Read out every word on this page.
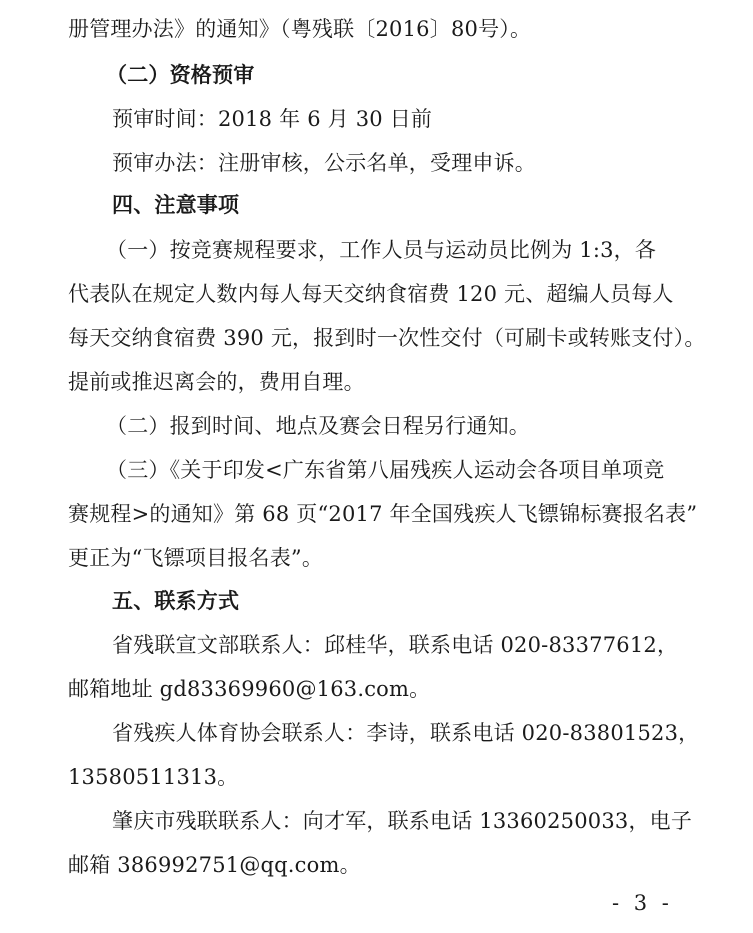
册管理办法》的通知》（粤残联〔2016〕80号）。
（二）资格预审
预审时间：2018 年 6 月 30 日前
预审办法：注册审核，公示名单，受理申诉。
四、注意事项
（一）按竞赛规程要求，工作人员与运动员比例为 1:3，各
代表队在规定人数内每人每天交纳食宿费 120 元、超编人员每人
每天交纳食宿费 390 元，报到时一次性交付（可刷卡或转账支付）。
提前或推迟离会的，费用自理。
（二）报到时间、地点及赛会日程另行通知。
（三）《关于印发<广东省第八届残疾人运动会各项目单项竞
赛规程>的通知》第 68 页“2017 年全国残疾人飞镖锦标赛报名表”
更正为“飞镖项目报名表”。
五、联系方式
省残联宣文部联系人：邱桂华，联系电话 020-83377612，
邮箱地址 gd83369960@163.com。
省残疾人体育协会联系人：李诗，联系电话 020-83801523，
13580511313。
肇庆市残联联系人：向才军，联系电话 13360250033，电子
邮箱 386992751@qq.com。
- 3 -
